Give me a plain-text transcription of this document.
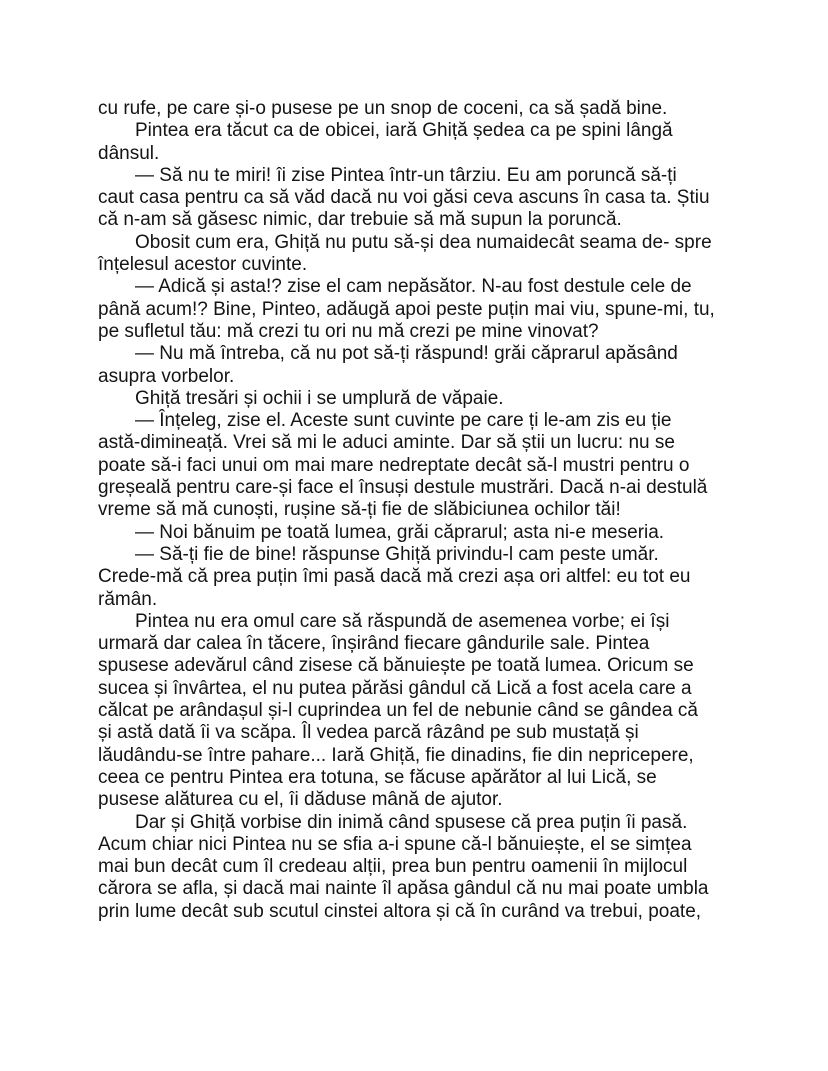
cu rufe, pe care și-o pusese pe un snop de coceni, ca să șadă bine.
Pintea era tăcut ca de obicei, iară Ghiță ședea ca pe spini lângă
dânsul.
— Să nu te miri! îi zise Pintea într-un târziu. Eu am poruncă să-ți
caut casa pentru ca să văd dacă nu voi găsi ceva ascuns în casa ta. Știu
că n-am să găsesc nimic, dar trebuie să mă supun la poruncă.
Obosit cum era, Ghiță nu putu să-și dea numaidecât seama de- spre
înțelesul acestor cuvinte.
— Adică și asta!? zise el cam nepăsător. N-au fost destule cele de
până acum!? Bine, Pinteo, adăugă apoi peste puțin mai viu, spune-mi, tu,
pe sufletul tău: mă crezi tu ori nu mă crezi pe mine vinovat?
— Nu mă întreba, că nu pot să-ți răspund! grăi căprarul apăsând
asupra vorbelor.
Ghiță tresări și ochii i se umplură de văpaie.
— Înțeleg, zise el. Aceste sunt cuvinte pe care ți le-am zis eu ție
astă-dimineață. Vrei să mi le aduci aminte. Dar să știi un lucru: nu se
poate să-i faci unui om mai mare nedreptate decât să-l mustri pentru o
greșeală pentru care-și face el însuși destule mustrări. Dacă n-ai destulă
vreme să mă cunoști, rușine să-ți fie de slăbiciunea ochilor tăi!
— Noi bănuim pe toată lumea, grăi căprarul; asta ni-e meseria.
— Să-ți fie de bine! răspunse Ghiță privindu-l cam peste umăr.
Crede-mă că prea puțin îmi pasă dacă mă crezi așa ori altfel: eu tot eu
rămân.
Pintea nu era omul care să răspundă de asemenea vorbe; ei își
urmară dar calea în tăcere, înșirând fiecare gândurile sale. Pintea
spusese adevărul când zisese că bănuiește pe toată lumea. Oricum se
sucea și învârtea, el nu putea părăsi gândul că Lică a fost acela care a
călcat pe arândașul și-l cuprindea un fel de nebunie când se gândea că
și astă dată îi va scăpa. Îl vedea parcă râzând pe sub mustață și
lăudându-se între pahare... Iară Ghiță, fie dinadins, fie din nepricepere,
ceea ce pentru Pintea era totuna, se făcuse apărător al lui Lică, se
pusese alăturea cu el, îi dăduse mână de ajutor.
Dar și Ghiță vorbise din inimă când spusese că prea puțin îi pasă.
Acum chiar nici Pintea nu se sfia a-i spune că-l bănuiește, el se simțea
mai bun decât cum îl credeau alții, prea bun pentru oamenii în mijlocul
cărora se afla, și dacă mai nainte îl apăsa gândul că nu mai poate umbla
prin lume decât sub scutul cinstei altora și că în curând va trebui, poate,
